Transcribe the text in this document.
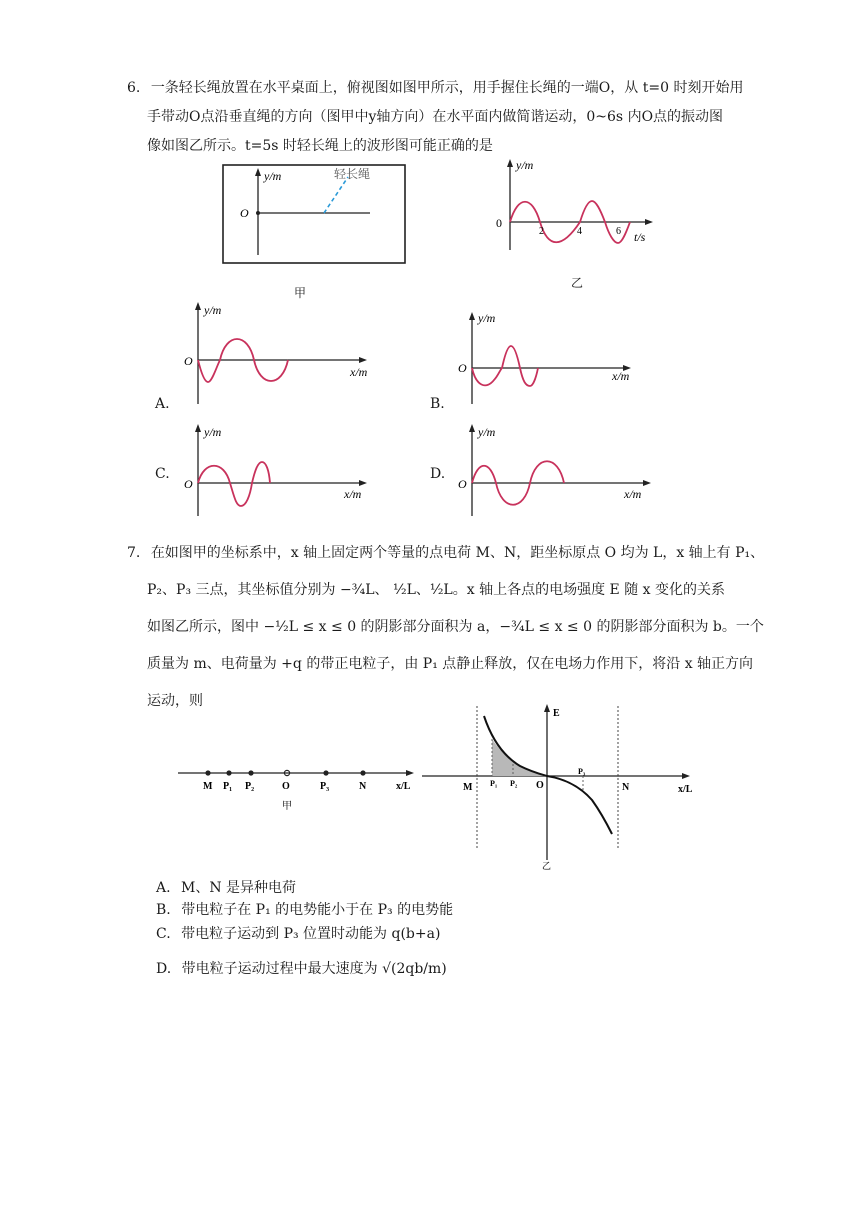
6. 一条轻长绳放置在水平桌面上，俯视图如图甲所示，用手握住长绳的一端O，从 t=0 时刻开始用
手带动O点沿垂直绳的方向（图甲中y轴方向）在水平面内做简谐运动，0~6s 内O点的振动图
像如图乙所示。t=5s 时轻长绳上的波形图可能正确的是
y/m	轻长绳
O
甲
y/m
0
2	4	6 t/s
乙
A.
y/m
O
x/m
B.
y/m
O
x/m
C.
y/m
O
x/m
D.
y/m
O
x/m
7. 在如图甲的坐标系中，x 轴上固定两个等量的点电荷 M、N，距坐标原点 O 均为 L，x 轴上有 P₁、
P₂、P₃ 三点，其坐标值分别为 −³⁄₄L、 ¹⁄₂L、¹⁄₂L。x 轴上各点的电场强度 E 随 x 变化的关系
如图乙所示，图中 −¹⁄₂L ≤ x ≤ 0 的阴影部分面积为 a，−³⁄₄L ≤ x ≤ 0 的阴影部分面积为 b。一个
质量为 m、电荷量为 +q 的带正电粒子，由 P₁ 点静止释放，仅在电场力作用下，将沿 x 轴正方向
运动，则
M P₁ P₂	O	P₃	N	x/L
甲
E
M P₁ P₂ O
P₃
N	x/L
乙
A. M、N 是异种电荷
B. 带电粒子在 P₁ 的电势能小于在 P₃ 的电势能
C. 带电粒子运动到 P₃ 位置时动能为 q(b+a)
D. 带电粒子运动过程中最大速度为 √(2qb/m)
